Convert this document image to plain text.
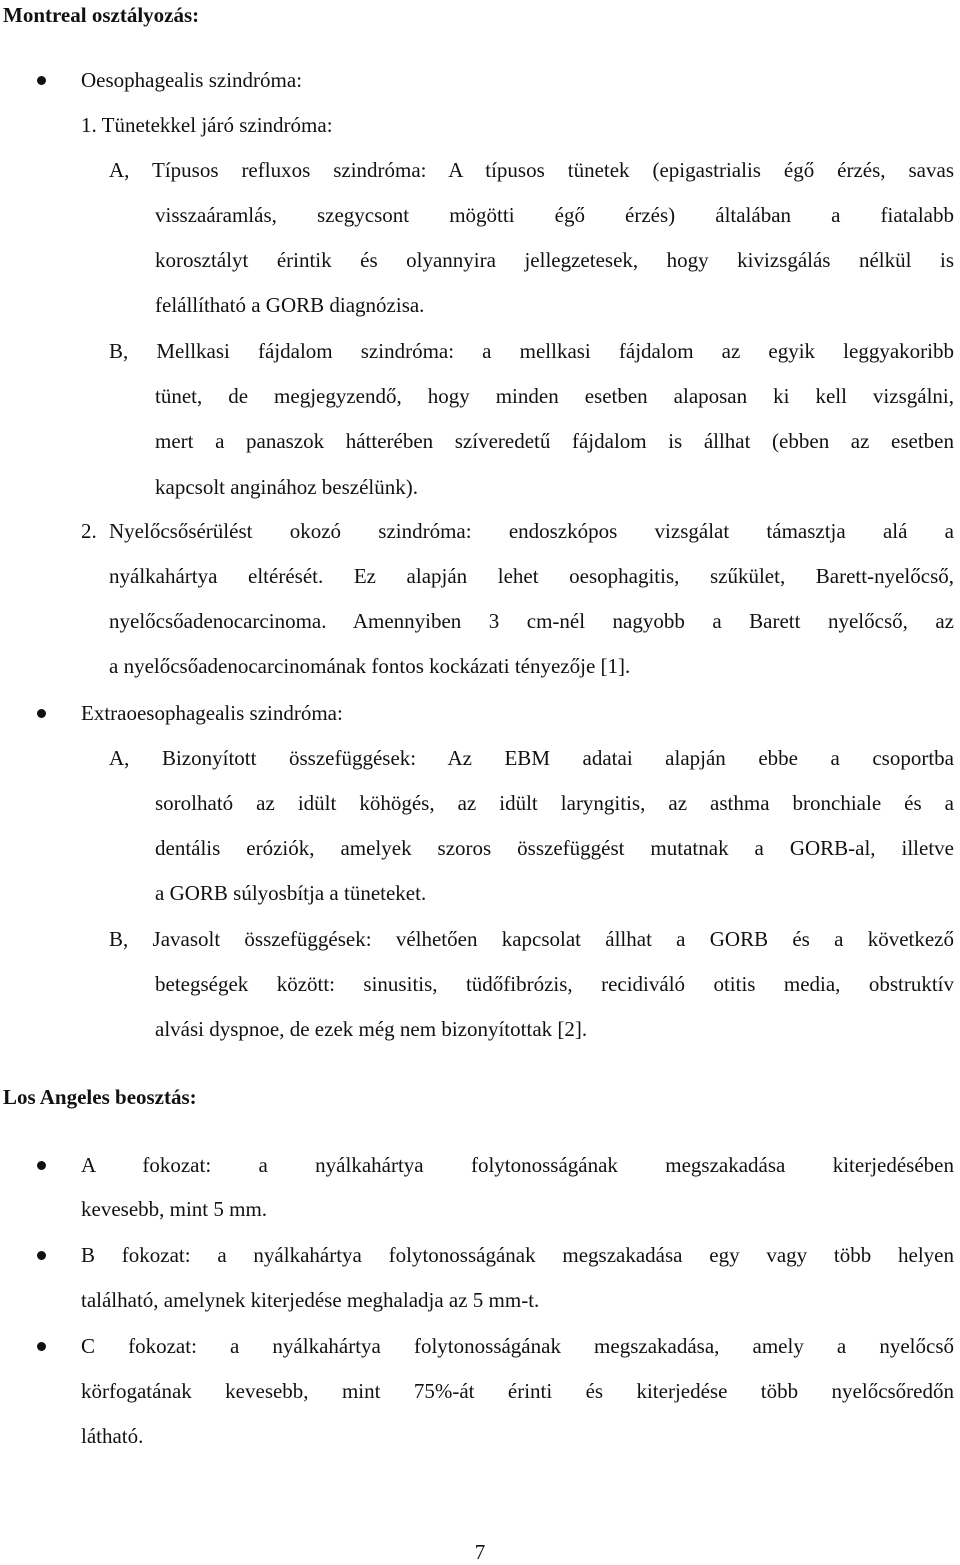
Montreal osztályozás:
Oesophagealis szindróma:
1. Tünetekkel járó szindróma:
A, Típusos refluxos szindróma: A típusos tünetek (epigastrialis égő érzés, savas
visszaáramlás, szegycsont mögötti égő érzés) általában a fiatalabb
korosztályt érintik és olyannyira jellegzetesek, hogy kivizsgálás nélkül is
felállítható a GORB diagnózisa.
B, Mellkasi fájdalom szindróma: a mellkasi fájdalom az egyik leggyakoribb
tünet, de megjegyzendő, hogy minden esetben alaposan ki kell vizsgálni,
mert a panaszok hátterében szíveredetű fájdalom is állhat (ebben az esetben
kapcsolt anginához beszélünk).
2. Nyelőcsősérülést okozó szindróma: endoszkópos vizsgálat támasztja alá a
nyálkahártya eltérését. Ez alapján lehet oesophagitis, szűkület, Barett-nyelőcső,
nyelőcsőadenocarcinoma. Amennyiben 3 cm-nél nagyobb a Barett nyelőcső, az
a nyelőcsőadenocarcinomának fontos kockázati tényezője [1].
Extraoesophagealis szindróma:
A, Bizonyított összefüggések: Az EBM adatai alapján ebbe a csoportba
sorolható az idült köhögés, az idült laryngitis, az asthma bronchiale és a
dentális eróziók, amelyek szoros összefüggést mutatnak a GORB-al, illetve
a GORB súlyosbítja a tüneteket.
B, Javasolt összefüggések: vélhetően kapcsolat állhat a GORB és a következő
betegségek között: sinusitis, tüdőfibrózis, recidiváló otitis media, obstruktív
alvási dyspnoe, de ezek még nem bizonyítottak [2].
Los Angeles beosztás:
A fokozat: a nyálkahártya folytonosságának megszakadása kiterjedésében
kevesebb, mint 5 mm.
B fokozat: a nyálkahártya folytonosságának megszakadása egy vagy több helyen
található, amelynek kiterjedése meghaladja az 5 mm-t.
C fokozat: a nyálkahártya folytonosságának megszakadása, amely a nyelőcső
körfogatának kevesebb, mint 75%-át érinti és kiterjedése több nyelőcsőredőn
látható.
7
